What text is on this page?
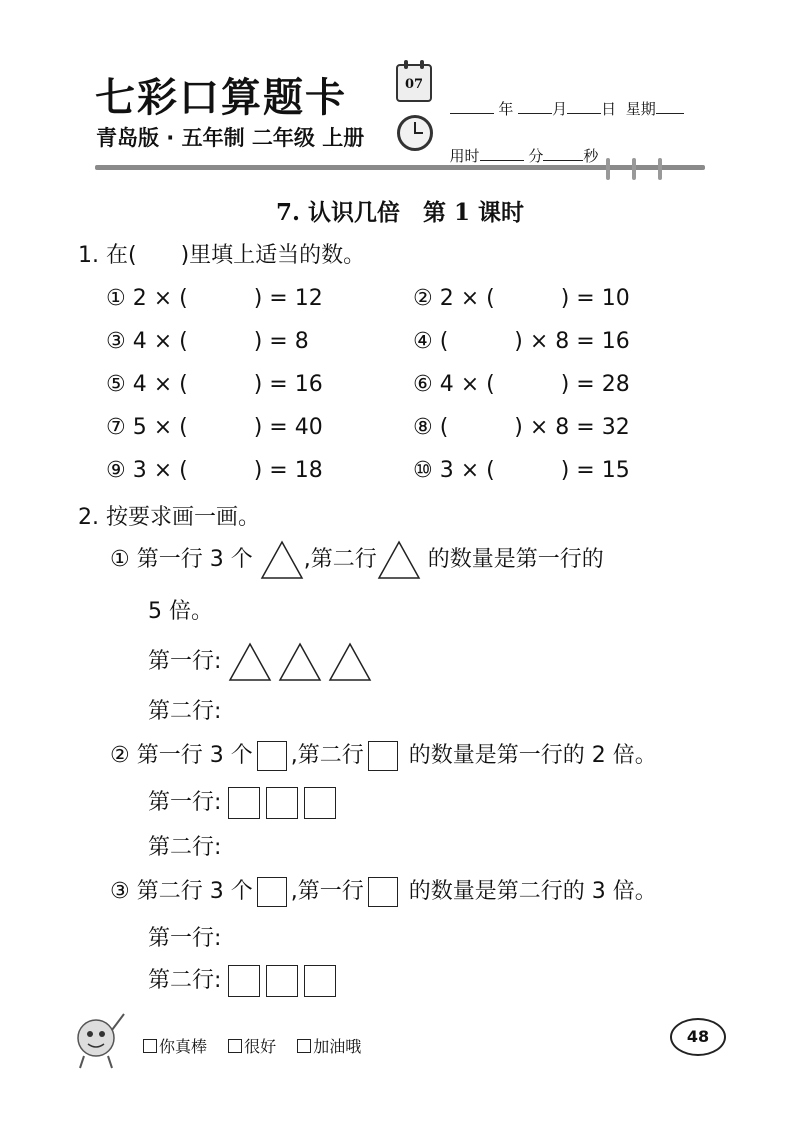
七彩口算题卡
青岛版 · 五年制 二年级 上册
07

年	月 日 星期

用时	分	秒

7. 认识几倍　第 1 课时
1. 在(　　)里填上适当的数。
① 2 × (　　　) = 12	② 2 × (　　　) = 10
③ 4 × (　　　) = 8	④ (　　　) × 8 = 16
⑤ 4 × (　　　) = 16	⑥ 4 × (　　　) = 28
⑦ 5 × (　　　) = 40	⑧ (　　　) × 8 = 32
⑨ 3 × (　　　) = 18	⑩ 3 × (　　　) = 15
2. 按要求画一画。
① 第一行 3 个 ,第二行 的数量是第一行的
5 倍。
第一行:
第二行:
② 第一行 3 个 ,第二行 的数量是第一行的 2 倍。
第一行:
第二行:
③ 第二行 3 个 ,第一行 的数量是第二行的 3 倍。
第一行:
第二行:
你真棒 很好 加油哦
48
